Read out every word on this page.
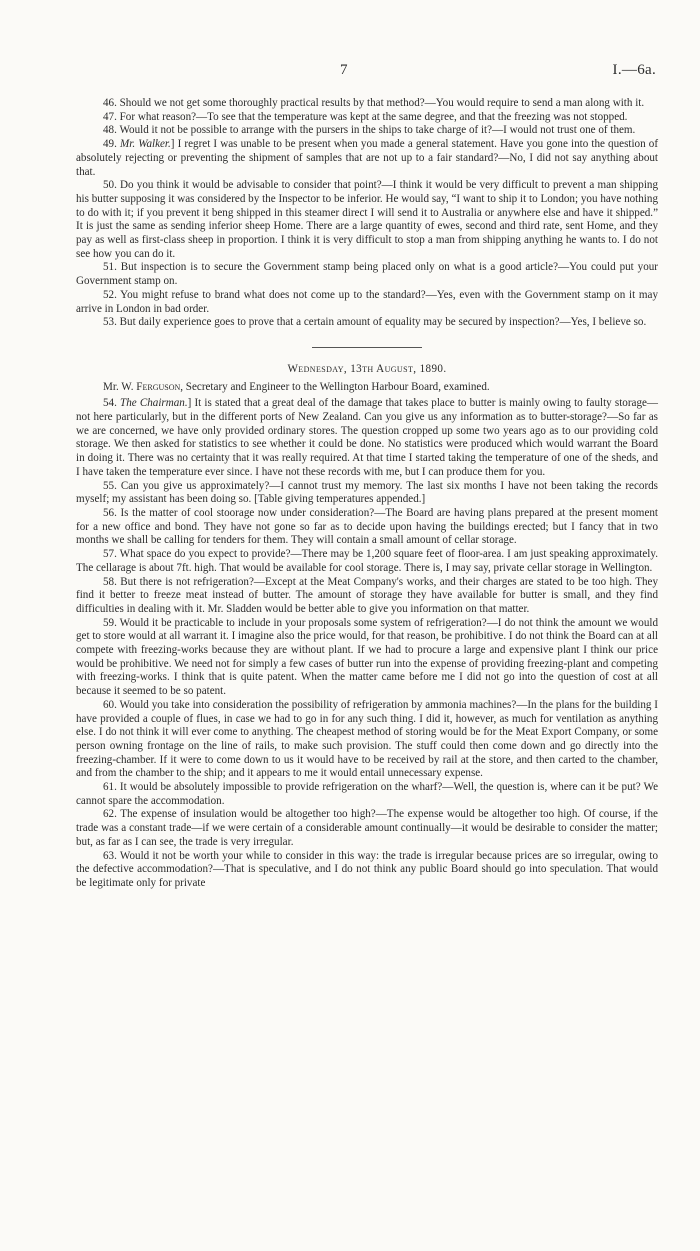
7	I.—6a.

46. Should we not get some thoroughly practical results by that method?—You would require to send a man along with it.

47. For what reason?—To see that the temperature was kept at the same degree, and that the freezing was not stopped.

48. Would it not be possible to arrange with the pursers in the ships to take charge of it?—I would not trust one of them.

49. Mr. Walker.] I regret I was unable to be present when you made a general statement. Have you gone into the question of absolutely rejecting or preventing the shipment of samples that are not up to a fair standard?—No, I did not say anything about that.

50. Do you think it would be advisable to consider that point?—I think it would be very difficult to prevent a man shipping his butter supposing it was considered by the Inspector to be inferior. He would say, “I want to ship it to London; you have nothing to do with it; if you prevent it beng shipped in this steamer direct I will send it to Australia or anywhere else and have it shipped.” It is just the same as sending inferior sheep Home. There are a large quantity of ewes, second and third rate, sent Home, and they pay as well as first-class sheep in proportion. I think it is very difficult to stop a man from shipping anything he wants to. I do not see how you can do it.

51. But inspection is to secure the Government stamp being placed only on what is a good article?—You could put your Government stamp on.

52. You might refuse to brand what does not come up to the standard?—Yes, even with the Government stamp on it may arrive in London in bad order.

53. But daily experience goes to prove that a certain amount of equality may be secured by inspection?—Yes, I believe so.

Wednesday, 13th August, 1890.

Mr. W. Ferguson, Secretary and Engineer to the Wellington Harbour Board, examined.

54. The Chairman.] It is stated that a great deal of the damage that takes place to butter is mainly owing to faulty storage—not here particularly, but in the different ports of New Zealand. Can you give us any information as to butter-storage?—So far as we are concerned, we have only provided ordinary stores. The question cropped up some two years ago as to our providing cold storage. We then asked for statistics to see whether it could be done. No statistics were produced which would warrant the Board in doing it. There was no certainty that it was really required. At that time I started taking the temperature of one of the sheds, and I have taken the temperature ever since. I have not these records with me, but I can produce them for you.

55. Can you give us approximately?—I cannot trust my memory. The last six months I have not been taking the records myself; my assistant has been doing so. [Table giving temperatures appended.]

56. Is the matter of cool stoorage now under consideration?—The Board are having plans prepared at the present moment for a new office and bond. They have not gone so far as to decide upon having the buildings erected; but I fancy that in two months we shall be calling for tenders for them. They will contain a small amount of cellar storage.

57. What space do you expect to provide?—There may be 1,200 square feet of floor-area. I am just speaking approximately. The cellarage is about 7ft. high. That would be available for cool storage. There is, I may say, private cellar storage in Wellington.

58. But there is not refrigeration?—Except at the Meat Company's works, and their charges are stated to be too high. They find it better to freeze meat instead of butter. The amount of storage they have available for butter is small, and they find difficulties in dealing with it. Mr. Sladden would be better able to give you information on that matter.

59. Would it be practicable to include in your proposals some system of refrigeration?—I do not think the amount we would get to store would at all warrant it. I imagine also the price would, for that reason, be prohibitive. I do not think the Board can at all compete with freezing-works because they are without plant. If we had to procure a large and expensive plant I think our price would be prohibitive. We need not for simply a few cases of butter run into the expense of providing freezing-plant and competing with freezing-works. I think that is quite patent. When the matter came before me I did not go into the question of cost at all because it seemed to be so patent.

60. Would you take into consideration the possibility of refrigeration by ammonia machines?—In the plans for the building I have provided a couple of flues, in case we had to go in for any such thing. I did it, however, as much for ventilation as anything else. I do not think it will ever come to anything. The cheapest method of storing would be for the Meat Export Company, or some person owning frontage on the line of rails, to make such provision. The stuff could then come down and go directly into the freezing-chamber. If it were to come down to us it would have to be received by rail at the store, and then carted to the chamber, and from the chamber to the ship; and it appears to me it would entail unnecessary expense.

61. It would be absolutely impossible to provide refrigeration on the wharf?—Well, the question is, where can it be put? We cannot spare the accommodation.

62. The expense of insulation would be altogether too high?—The expense would be altogether too high. Of course, if the trade was a constant trade—if we were certain of a considerable amount continually—it would be desirable to consider the matter; but, as far as I can see, the trade is very irregular.

63. Would it not be worth your while to consider in this way: the trade is irregular because prices are so irregular, owing to the defective accommodation?—That is speculative, and I do not think any public Board should go into speculation. That would be legitimate only for private
